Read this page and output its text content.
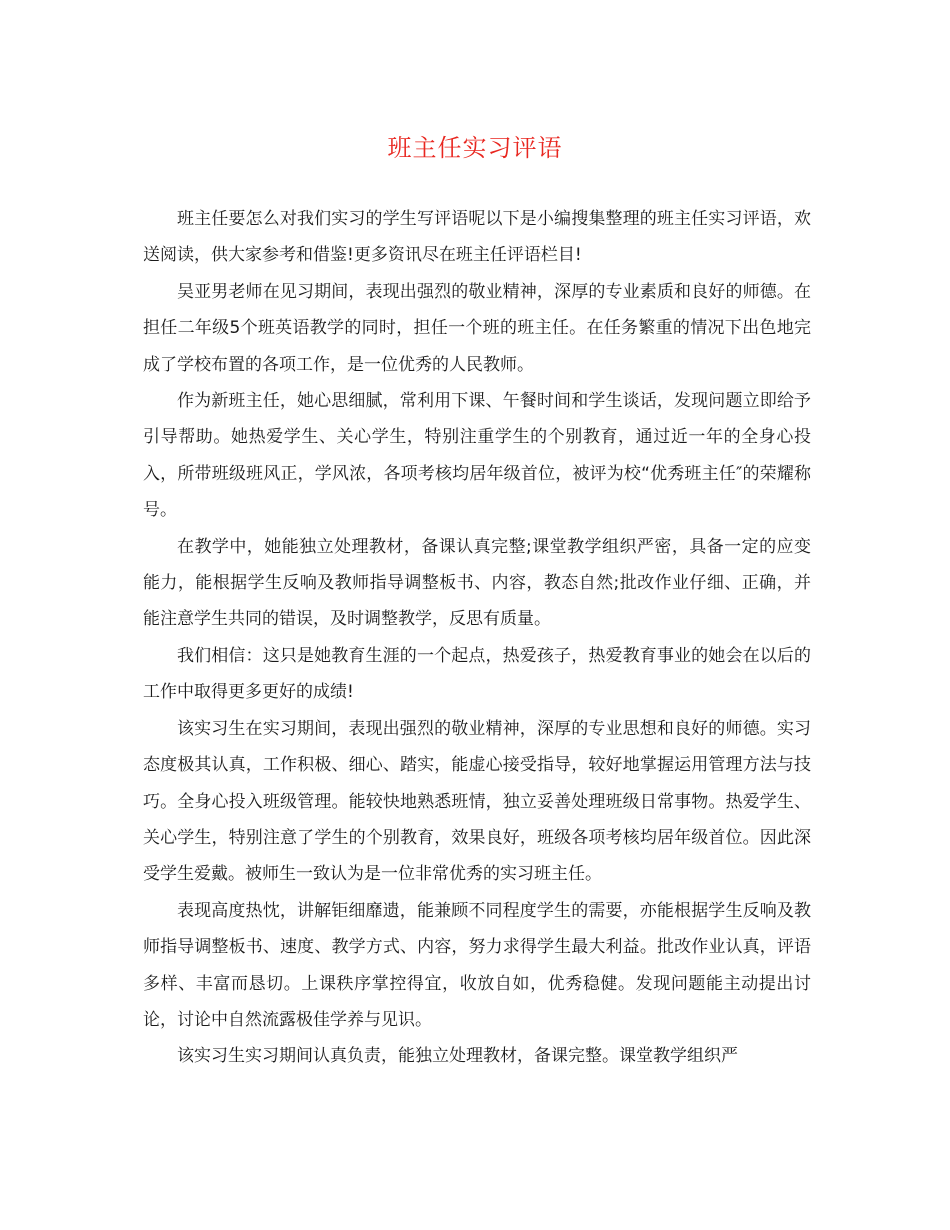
班主任实习评语

班主任要怎么对我们实习的学生写评语呢以下是小编搜集整理的班主任实习评语，欢送阅读，供大家参考和借鉴!更多资讯尽在班主任评语栏目!

吴亚男老师在见习期间，表现出强烈的敬业精神，深厚的专业素质和良好的师德。在担任二年级5个班英语教学的同时，担任一个班的班主任。在任务繁重的情况下出色地完成了学校布置的各项工作，是一位优秀的人民教师。

作为新班主任，她心思细腻，常利用下课、午餐时间和学生谈话，发现问题立即给予引导帮助。她热爱学生、关心学生，特别注重学生的个别教育，通过近一年的全身心投入，所带班级班风正，学风浓，各项考核均居年级首位，被评为校“优秀班主任″的荣耀称号。

在教学中，她能独立处理教材，备课认真完整;课堂教学组织严密，具备一定的应变能力，能根据学生反响及教师指导调整板书、内容，教态自然;批改作业仔细、正确，并能注意学生共同的错误，及时调整教学，反思有质量。

我们相信：这只是她教育生涯的一个起点，热爱孩子，热爱教育事业的她会在以后的工作中取得更多更好的成绩!

该实习生在实习期间，表现出强烈的敬业精神，深厚的专业思想和良好的师德。实习态度极其认真，工作积极、细心、踏实，能虚心接受指导，较好地掌握运用管理方法与技巧。全身心投入班级管理。能较快地熟悉班情，独立妥善处理班级日常事物。热爱学生、关心学生，特别注意了学生的个别教育，效果良好，班级各项考核均居年级首位。因此深受学生爱戴。被师生一致认为是一位非常优秀的实习班主任。

表现高度热忱，讲解钜细靡遗，能兼顾不同程度学生的需要，亦能根据学生反响及教师指导调整板书、速度、教学方式、内容，努力求得学生最大利益。批改作业认真，评语多样、丰富而恳切。上课秩序掌控得宜，收放自如，优秀稳健。发现问题能主动提出讨论，讨论中自然流露极佳学养与见识。

该实习生实习期间认真负责，能独立处理教材，备课完整。课堂教学组织严
